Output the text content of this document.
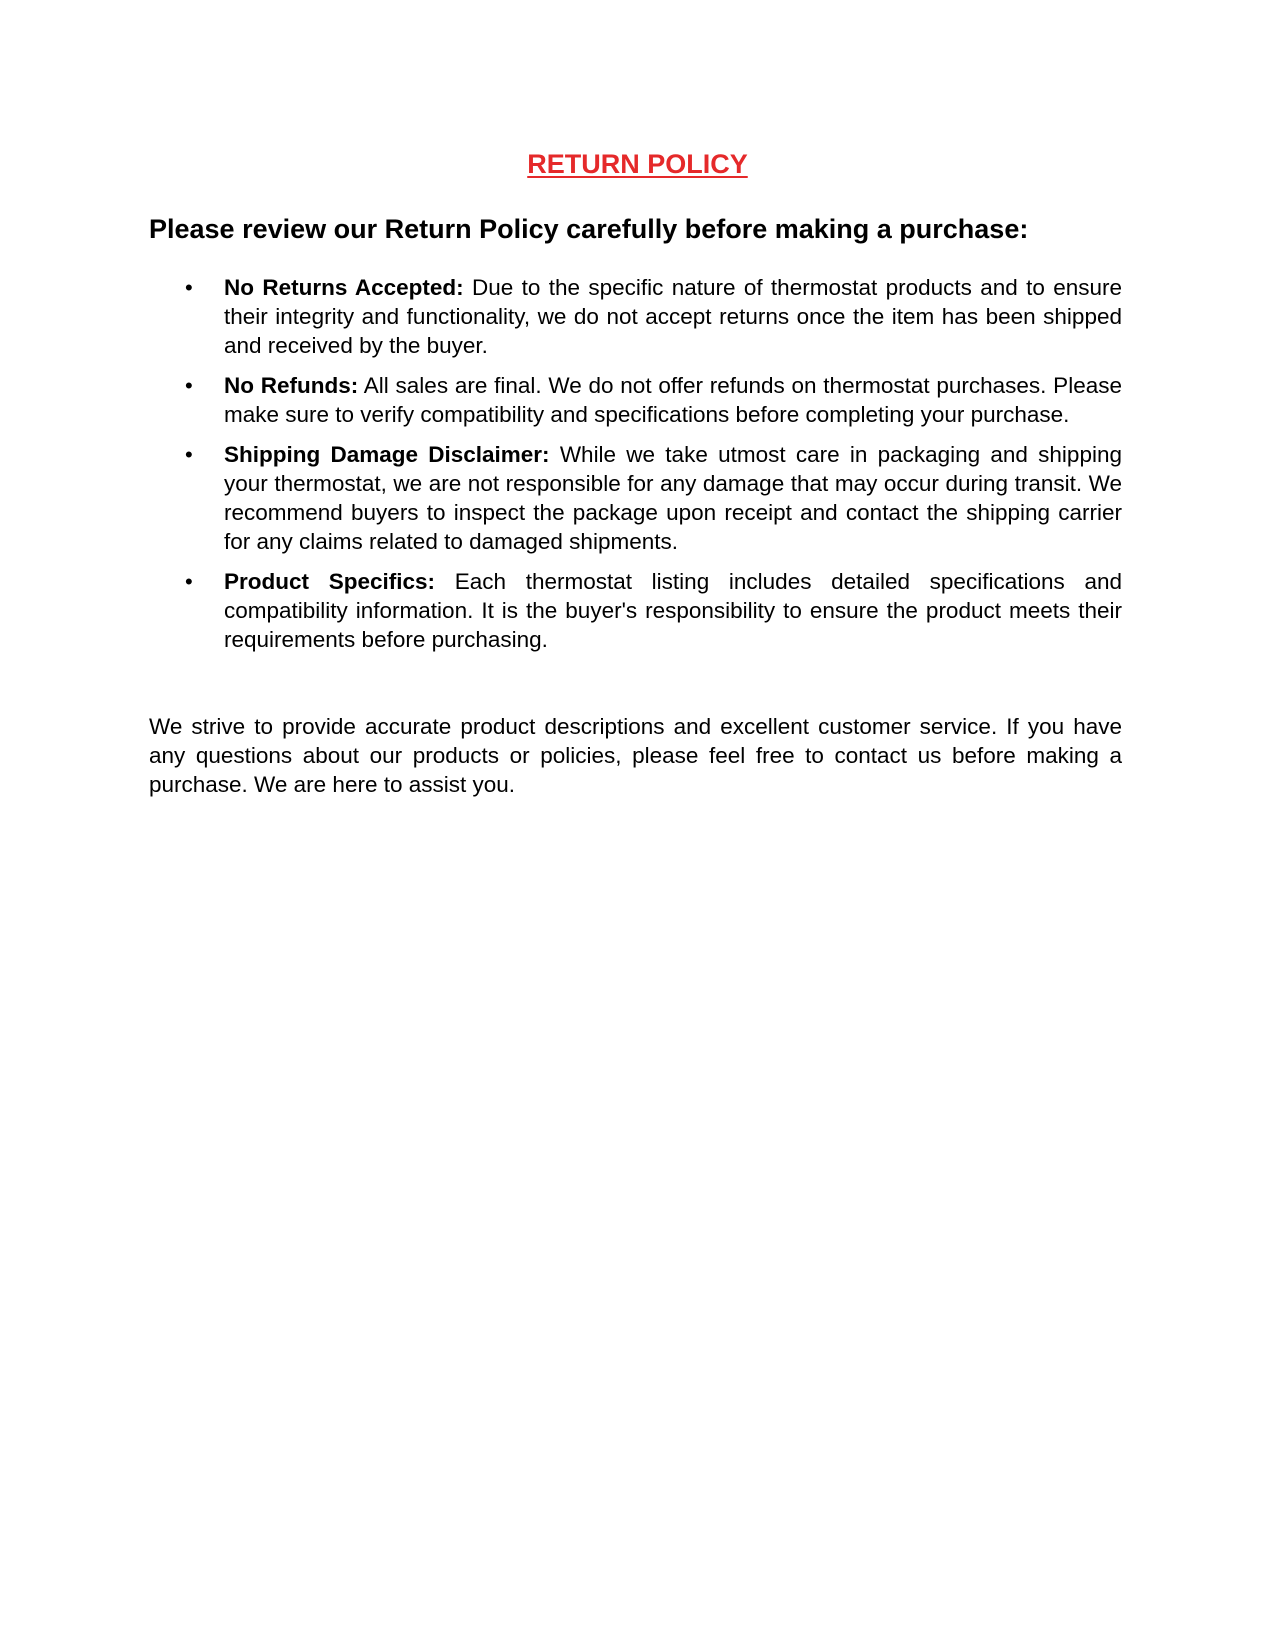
RETURN POLICY
Please review our Return Policy carefully before making a purchase:
•	No Returns Accepted: Due to the specific nature of thermostat products and to ensure their integrity and functionality, we do not accept returns once the item has been shipped and received by the buyer.
•	No Refunds: All sales are final. We do not offer refunds on thermostat purchases. Please make sure to verify compatibility and specifications before completing your purchase.
•	Shipping Damage Disclaimer: While we take utmost care in packaging and shipping your thermostat, we are not responsible for any damage that may occur during transit. We recommend buyers to inspect the package upon receipt and contact the shipping carrier for any claims related to damaged shipments.
•	Product Specifics: Each thermostat listing includes detailed specifications and compatibility information. It is the buyer's responsibility to ensure the product meets their requirements before purchasing.

We strive to provide accurate product descriptions and excellent customer service. If you have any questions about our products or policies, please feel free to contact us before making a purchase. We are here to assist you.
